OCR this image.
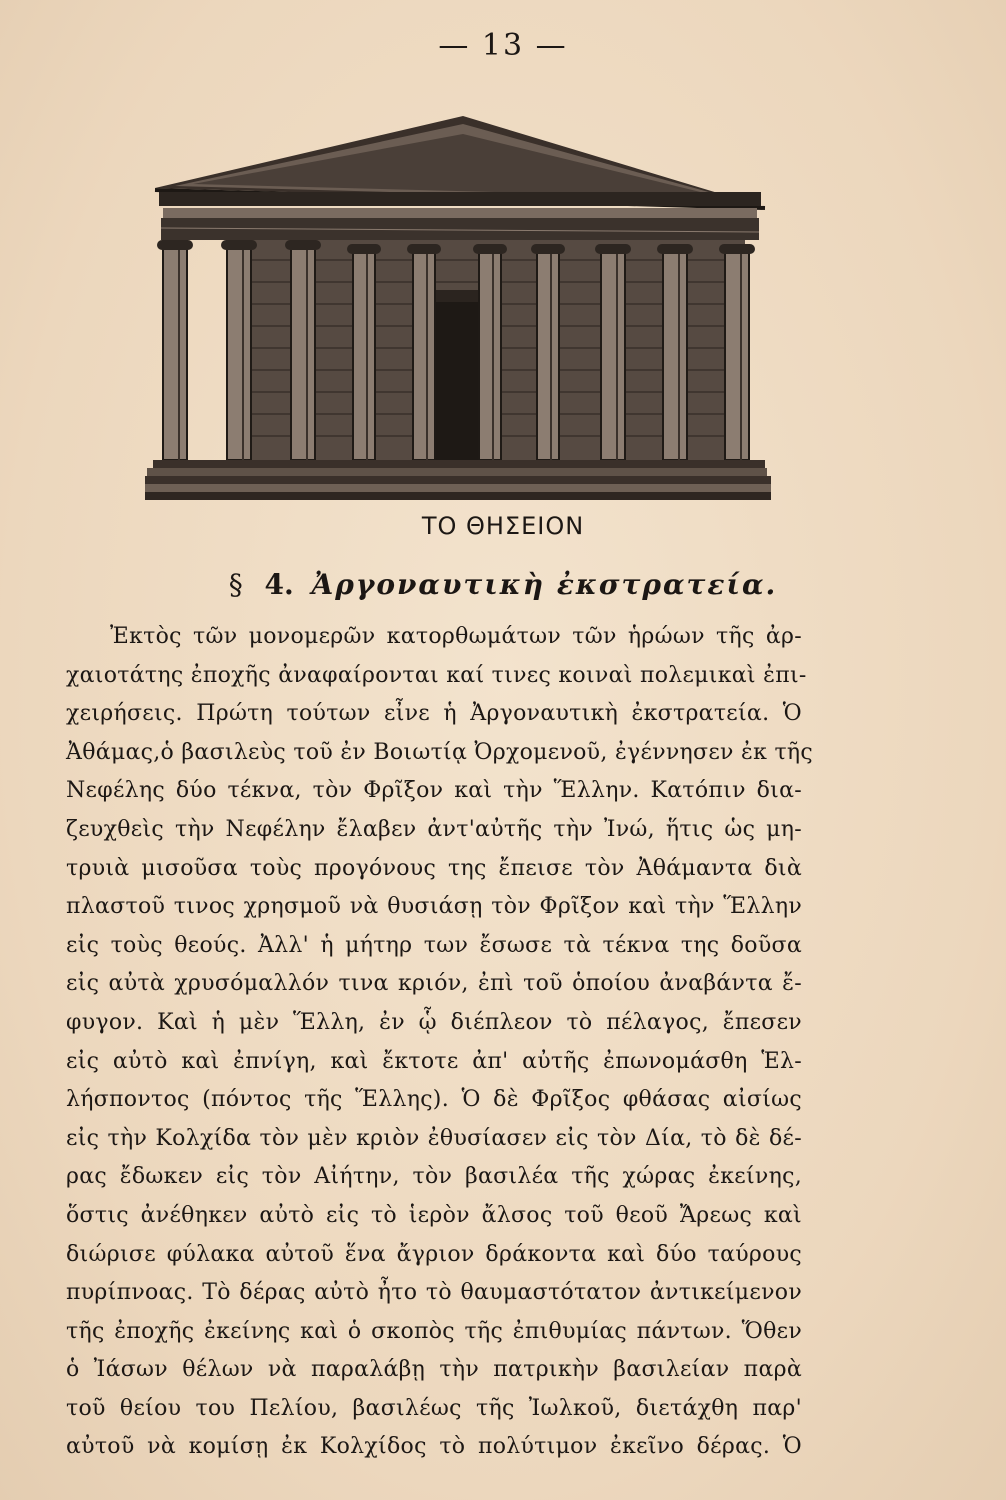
— 13 —
ΤΟ ΘΗΣΕΙΟΝ
§ 4. Ἀργοναυτικὴ ἐκστρατεία.
Ἐκτὸς τῶν μονομερῶν κατορθωμάτων τῶν ἡρώων τῆς ἀρ-
χαιοτάτης ἐποχῆς ἀναφαίρονται καί τινες κοιναὶ πολεμικαὶ ἐπι-
χειρήσεις. Πρώτη τούτων εἶνε ἡ Ἀργοναυτικὴ ἐκστρατεία. Ὁ
Ἀθάμας,ὁ βασιλεὺς τοῦ ἐν Βοιωτίᾳ Ὀρχομενοῦ, ἐγέννησεν ἐκ τῆς
Νεφέλης δύο τέκνα, τὸν Φρῖξον καὶ τὴν Ἕλλην. Κατόπιν δια-
ζευχθεὶς τὴν Νεφέλην ἔλαβεν ἀντ'αὐτῆς τὴν Ἰνώ, ἥτις ὡς μη-
τρυιὰ μισοῦσα τοὺς προγόνους της ἔπεισε τὸν Ἀθάμαντα διὰ
πλαστοῦ τινος χρησμοῦ νὰ θυσιάσῃ τὸν Φρῖξον καὶ τὴν Ἕλλην
εἰς τοὺς θεούς. Ἀλλ' ἡ μήτηρ των ἔσωσε τὰ τέκνα της δοῦσα
εἰς αὐτὰ χρυσόμαλλόν τινα κριόν, ἐπὶ τοῦ ὁποίου ἀναβάντα ἔ-
φυγον. Καὶ ἡ μὲν Ἕλλη, ἐν ᾧ διέπλεον τὸ πέλαγος, ἔπεσεν
εἰς αὐτὸ καὶ ἐπνίγη, καὶ ἔκτοτε ἀπ' αὐτῆς ἐπωνομάσθη Ἑλ-
λήσποντος (πόντος τῆς Ἕλλης). Ὁ δὲ Φρῖξος φθάσας αἰσίως
εἰς τὴν Κολχίδα τὸν μὲν κριὸν ἐθυσίασεν εἰς τὸν Δία, τὸ δὲ δέ-
ρας ἔδωκεν εἰς τὸν Αἰήτην, τὸν βασιλέα τῆς χώρας ἐκείνης,
ὅστις ἀνέθηκεν αὐτὸ εἰς τὸ ἱερὸν ἄλσος τοῦ θεοῦ Ἄρεως καὶ
διώρισε φύλακα αὐτοῦ ἕνα ἄγριον δράκοντα καὶ δύο ταύρους
πυρίπνοας. Τὸ δέρας αὐτὸ ἦτο τὸ θαυμαστότατον ἀντικείμενον
τῆς ἐποχῆς ἐκείνης καὶ ὁ σκοπὸς τῆς ἐπιθυμίας πάντων. Ὅθεν
ὁ Ἰάσων θέλων νὰ παραλάβῃ τὴν πατρικὴν βασιλείαν παρὰ
τοῦ θείου του Πελίου, βασιλέως τῆς Ἰωλκοῦ, διετάχθη παρ'
αὐτοῦ νὰ κομίσῃ ἐκ Κολχίδος τὸ πολύτιμον ἐκεῖνο δέρας. Ὁ
